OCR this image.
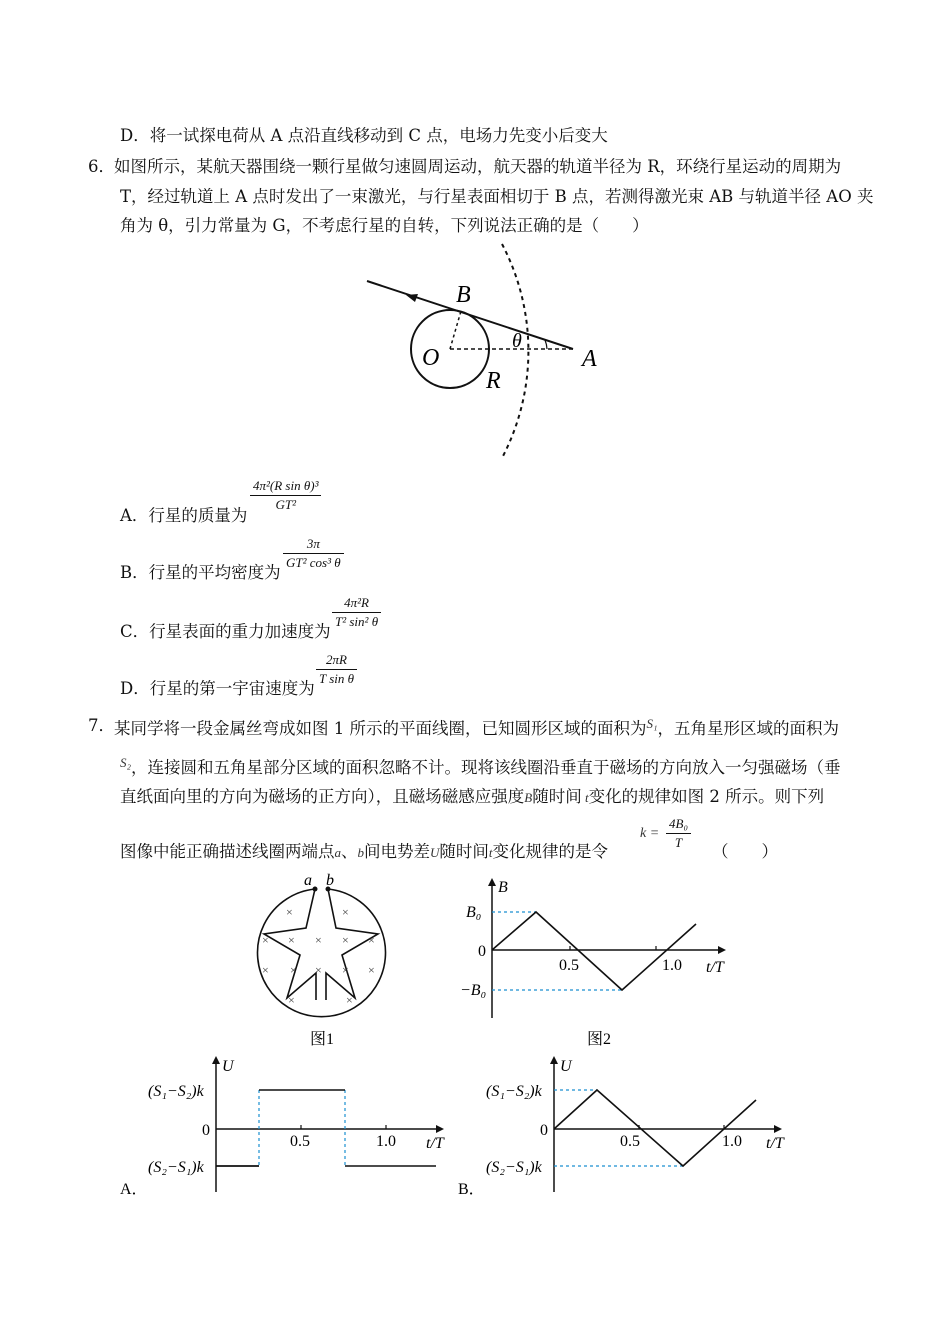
D．将一试探电荷从 A 点沿直线移动到 C 点，电场力先变小后变大
6． 如图所示，某航天器围绕一颗行星做匀速圆周运动，航天器的轨道半径为 R，环绕行星运动的周期为
T，经过轨道上 A 点时发出了一束激光，与行星表面相切于 B 点，若测得激光束 AB 与轨道半径 AO 夹
角为 θ，引力常量为 G，不考虑行星的自转，下列说法正确的是（　　）
B
O
R
A
θ
A．行星的质量为
$\frac{\text{4π²(R sin θ)³}}{\text{GT²}}$
B．行星的平均密度为
$\frac{3\pi}{\text{GT² cos³ θ}}$
C．行星表面的重力加速度为
$\frac{\text{4π²R}}{\text{T² sin² θ}}$
D．行星的第一宇宙速度为
$\frac{2\pi R}{\text{T sin θ}}$
7． 某同学将一段金属丝弯成如图 1 所示的平面线圈，已知圆形区域的面积为$^{S_1}$，五角星形区域的面积为
$^{S_2}$，连接圆和五角星部分区域的面积忽略不计。现将该线圈沿垂直于磁场的方向放入一匀强磁场（垂
直纸面向里的方向为磁场的正方向），且磁场磁感应强度B随时间 t变化的规律如图 2 所示。则下列
图像中能正确描述线圈两端点a、b间电势差U随时间t变化规律的是令
$k = \frac{\text{4B₀}}{T}$
（　　）
a b
×	×
× × × × ×
× × × × ×
×	×
图1
B
t/T
B₀
0
−B₀
0.5	1.0
图2
U
(S₁−S₂)k
0
(S₂−S₁)k
0.5	1.0 t/T
A．
U
(S₁−S₂)k
0
(S₂−S₁)k
0.5	1.0 t/T
B．
